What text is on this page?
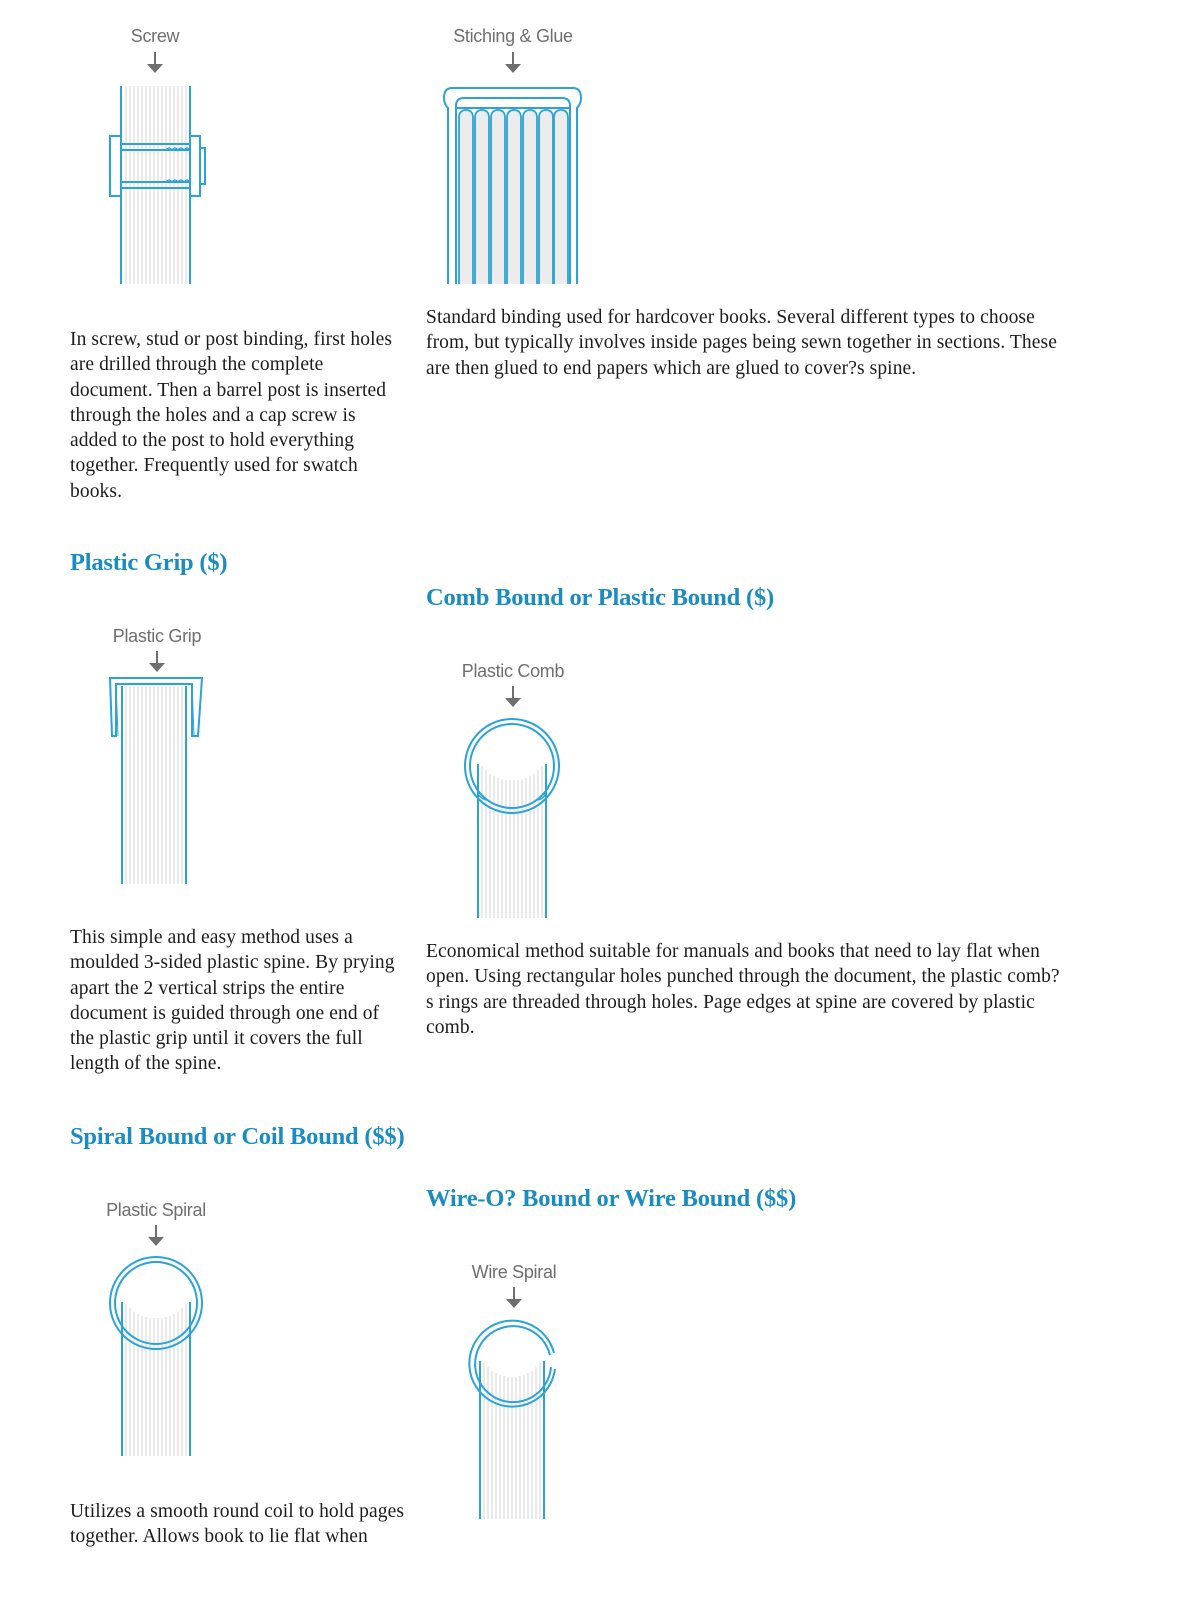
Screw
In screw, stud or post binding, first holes
are drilled through the complete
document. Then a barrel post is inserted
through the holes and a cap screw is
added to the post to hold everything
together. Frequently used for swatch
books.
Stiching & Glue
Standard binding used for hardcover books. Several different types to choose
from, but typically involves inside pages being sewn together in sections. These
are then glued to end papers which are glued to cover?s spine.
Plastic Grip ($)
Plastic Grip
This simple and easy method uses a
moulded 3-sided plastic spine. By prying
apart the 2 vertical strips the entire
document is guided through one end of
the plastic grip until it covers the full
length of the spine.
Comb Bound or Plastic Bound ($)
Plastic Comb
Economical method suitable for manuals and books that need to lay flat when
open. Using rectangular holes punched through the document, the plastic comb?
s rings are threaded through holes. Page edges at spine are covered by plastic
comb.
Spiral Bound or Coil Bound ($$)
Plastic Spiral
Utilizes a smooth round coil to hold pages
together. Allows book to lie flat when
Wire-O? Bound or Wire Bound ($$)
Wire Spiral
